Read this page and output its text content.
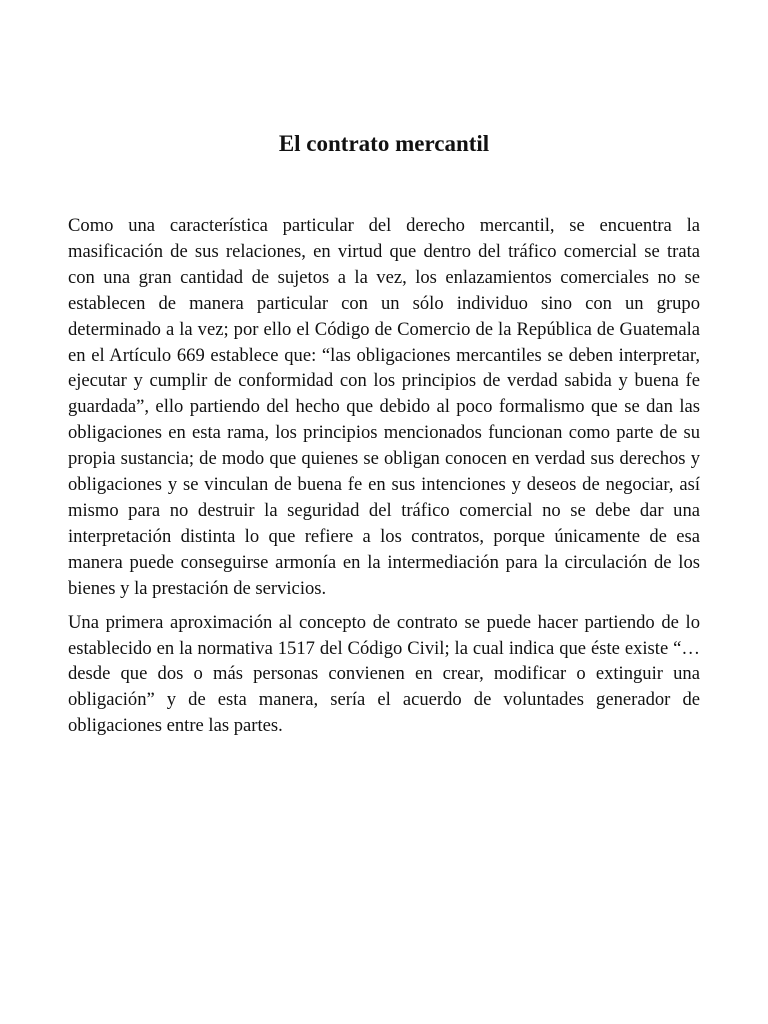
El contrato mercantil

Como una característica particular del derecho mercantil, se encuentra la masificación de sus relaciones, en virtud que dentro del tráfico comercial se trata con una gran cantidad de sujetos a la vez, los enlazamientos comerciales no se establecen de manera particular con un sólo individuo sino con un grupo determinado a la vez; por ello el Código de Comercio de la República de Guatemala en el Artículo 669 establece que: “las obligaciones mercantiles se deben interpretar, ejecutar y cumplir de conformidad con los principios de verdad sabida y buena fe guardada”, ello partiendo del hecho que debido al poco formalismo que se dan las obligaciones en esta rama, los principios mencionados funcionan como parte de su propia sustancia; de modo que quienes se obligan conocen en verdad sus derechos y obligaciones y se vinculan de buena fe en sus intenciones y deseos de negociar, así mismo para no destruir la seguridad del tráfico comercial no se debe dar una interpretación distinta lo que refiere a los contratos, porque únicamente de esa manera puede conseguirse armonía en la intermediación para la circulación de los bienes y la prestación de servicios.

Una primera aproximación al concepto de contrato se puede hacer partiendo de lo establecido en la normativa 1517 del Código Civil; la cual indica que éste existe “…desde que dos o más personas convienen en crear, modificar o extinguir una obligación” y de esta manera, sería el acuerdo de voluntades generador de obligaciones entre las partes.
